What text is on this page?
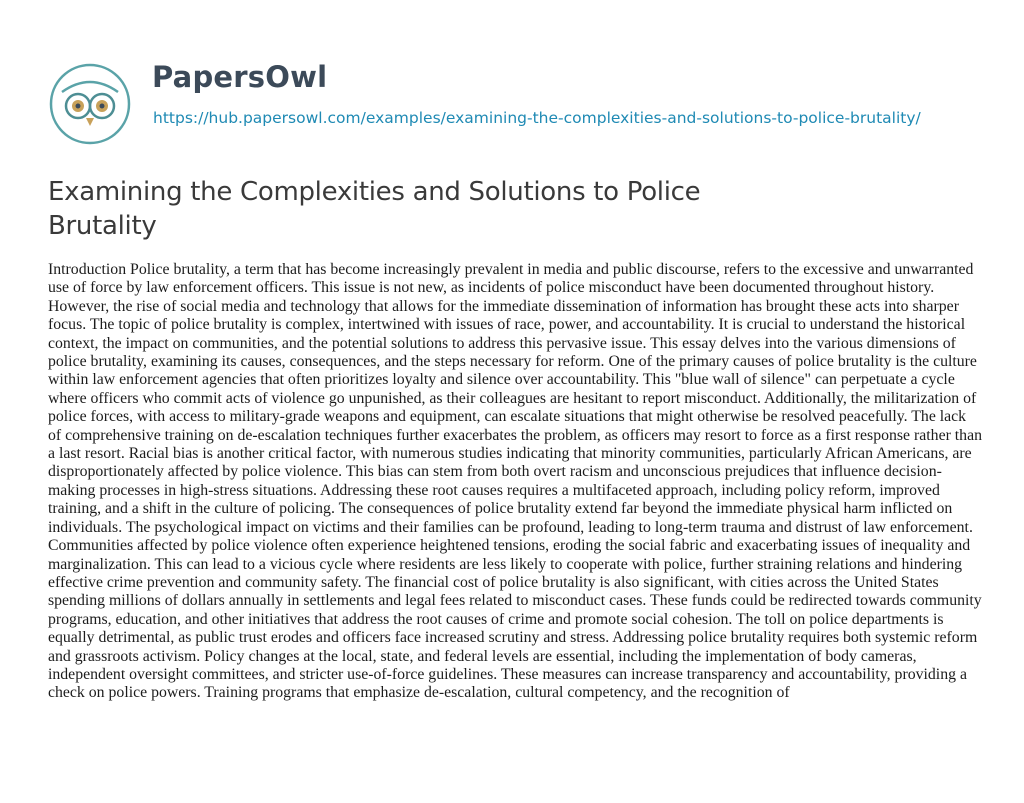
PapersOwl
https://hub.papersowl.com/examples/examining-the-complexities-and-solutions-to-police-brutality/
Examining the Complexities and Solutions to Police Brutality

Introduction Police brutality, a term that has become increasingly prevalent in media and public discourse, refers to the excessive and unwarranted use of force by law enforcement officers. This issue is not new, as incidents of police misconduct have been documented throughout history. However, the rise of social media and technology that allows for the immediate dissemination of information has brought these acts into sharper focus. The topic of police brutality is complex, intertwined with issues of race, power, and accountability. It is crucial to understand the historical context, the impact on communities, and the potential solutions to address this pervasive issue. This essay delves into the various dimensions of police brutality, examining its causes, consequences, and the steps necessary for reform. One of the primary causes of police brutality is the culture within law enforcement agencies that often prioritizes loyalty and silence over accountability. This "blue wall of silence" can perpetuate a cycle where officers who commit acts of violence go unpunished, as their colleagues are hesitant to report misconduct. Additionally, the militarization of police forces, with access to military-grade weapons and equipment, can escalate situations that might otherwise be resolved peacefully. The lack of comprehensive training on de-escalation techniques further exacerbates the problem, as officers may resort to force as a first response rather than a last resort. Racial bias is another critical factor, with numerous studies indicating that minority communities, particularly African Americans, are disproportionately affected by police violence. This bias can stem from both overt racism and unconscious prejudices that influence decision-making processes in high-stress situations. Addressing these root causes requires a multifaceted approach, including policy reform, improved training, and a shift in the culture of policing. The consequences of police brutality extend far beyond the immediate physical harm inflicted on individuals. The psychological impact on victims and their families can be profound, leading to long-term trauma and distrust of law enforcement. Communities affected by police violence often experience heightened tensions, eroding the social fabric and exacerbating issues of inequality and marginalization. This can lead to a vicious cycle where residents are less likely to cooperate with police, further straining relations and hindering effective crime prevention and community safety. The financial cost of police brutality is also significant, with cities across the United States spending millions of dollars annually in settlements and legal fees related to misconduct cases. These funds could be redirected towards community programs, education, and other initiatives that address the root causes of crime and promote social cohesion. The toll on police departments is equally detrimental, as public trust erodes and officers face increased scrutiny and stress. Addressing police brutality requires both systemic reform and grassroots activism. Policy changes at the local, state, and federal levels are essential, including the implementation of body cameras, independent oversight committees, and stricter use-of-force guidelines. These measures can increase transparency and accountability, providing a check on police powers. Training programs that emphasize de-escalation, cultural competency, and the recognition of
